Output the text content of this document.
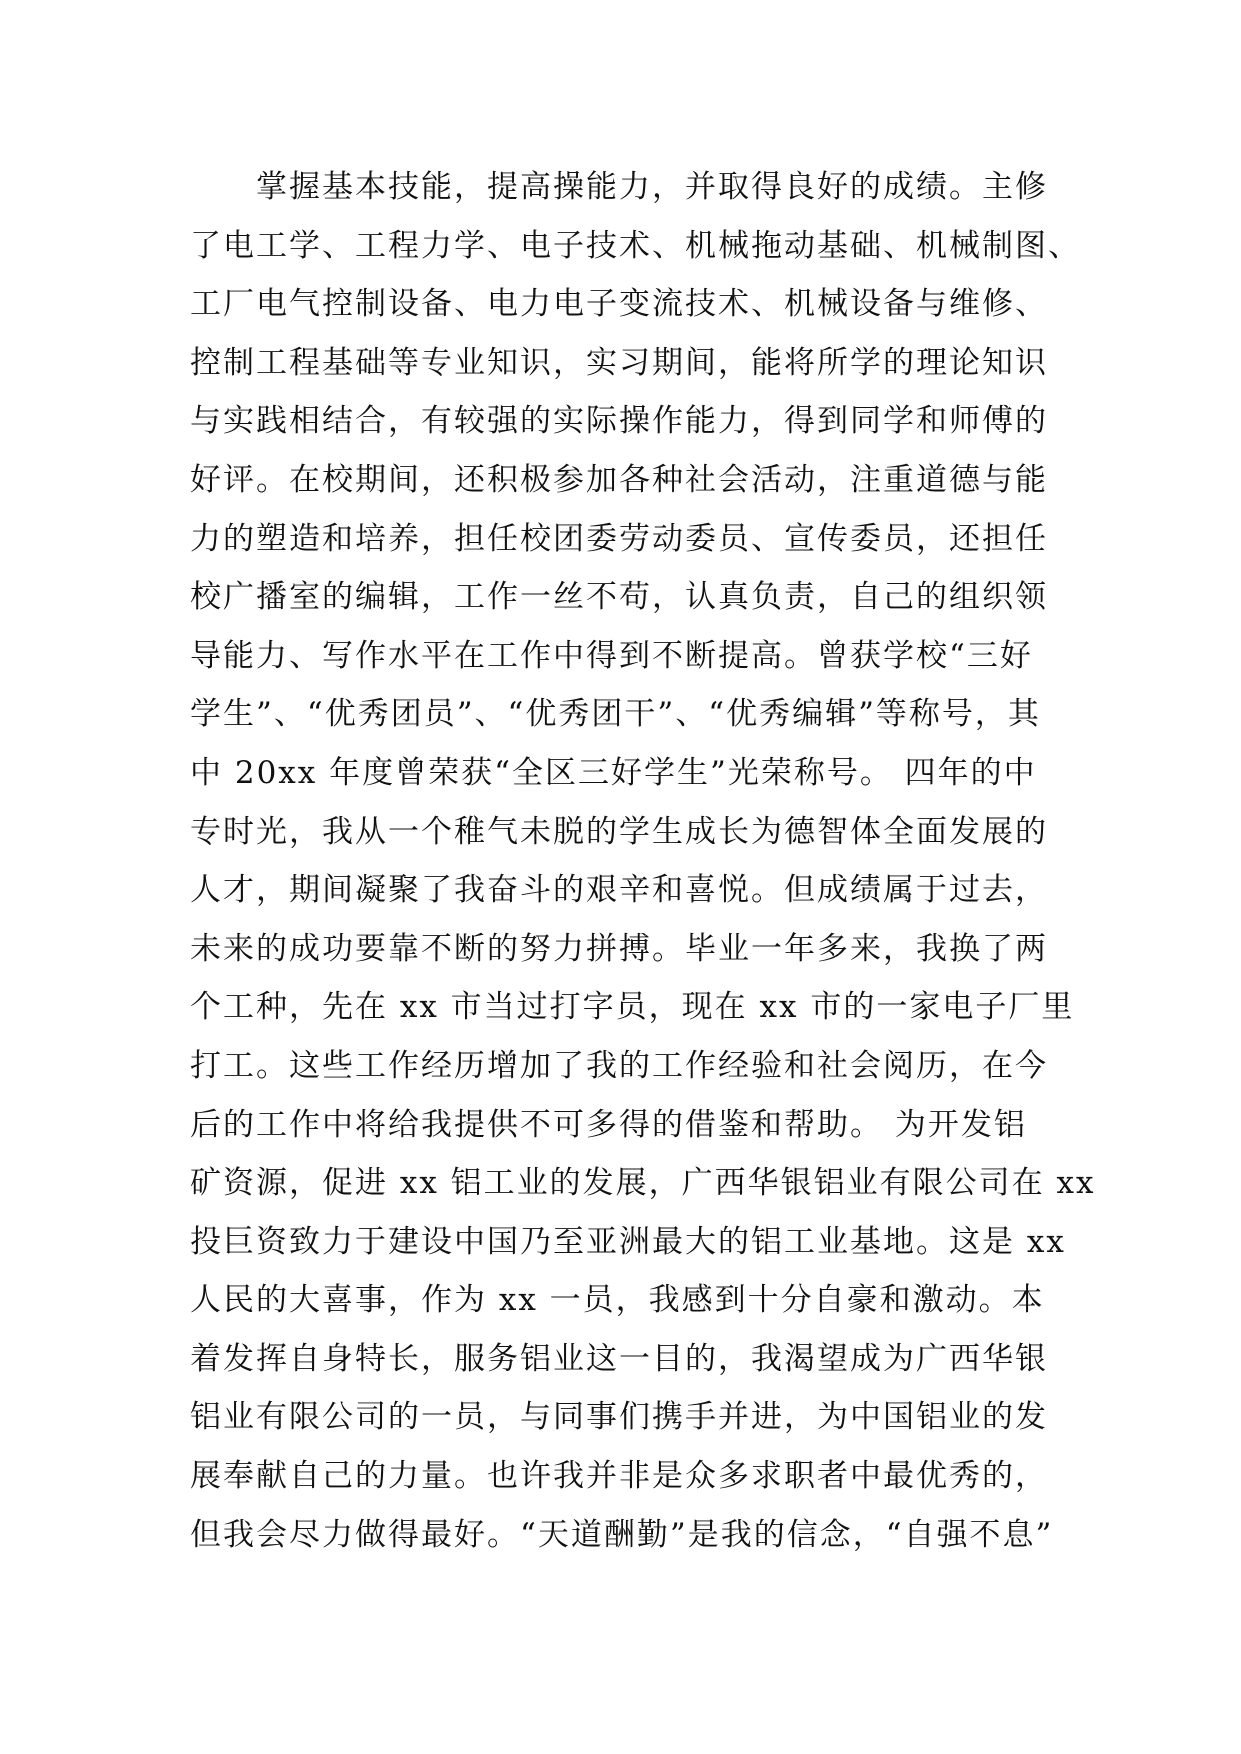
　　掌握基本技能，提高操能力，并取得良好的成绩。主修
了电工学、工程力学、电子技术、机械拖动基础、机械制图、
工厂电气控制设备、电力电子变流技术、机械设备与维修、
控制工程基础等专业知识，实习期间，能将所学的理论知识
与实践相结合，有较强的实际操作能力，得到同学和师傅的
好评。在校期间，还积极参加各种社会活动，注重道德与能
力的塑造和培养，担任校团委劳动委员、宣传委员，还担任
校广播室的编辑，工作一丝不苟，认真负责，自己的组织领
导能力、写作水平在工作中得到不断提高。曾获学校“三好
学生”、“优秀团员”、“优秀团干”、“优秀编辑”等称号，其
中 20xx 年度曾荣获“全区三好学生”光荣称号。 四年的中
专时光，我从一个稚气未脱的学生成长为德智体全面发展的
人才，期间凝聚了我奋斗的艰辛和喜悦。但成绩属于过去，
未来的成功要靠不断的努力拼搏。毕业一年多来，我换了两
个工种，先在 xx 市当过打字员，现在 xx 市的一家电子厂里
打工。这些工作经历增加了我的工作经验和社会阅历，在今
后的工作中将给我提供不可多得的借鉴和帮助。 为开发铝
矿资源，促进 xx 铝工业的发展，广西华银铝业有限公司在 xx
投巨资致力于建设中国乃至亚洲最大的铝工业基地。这是 xx
人民的大喜事，作为 xx 一员，我感到十分自豪和激动。本
着发挥自身特长，服务铝业这一目的，我渴望成为广西华银
铝业有限公司的一员，与同事们携手并进，为中国铝业的发
展奉献自己的力量。也许我并非是众多求职者中最优秀的，
但我会尽力做得最好。“天道酬勤”是我的信念，“自强不息”
